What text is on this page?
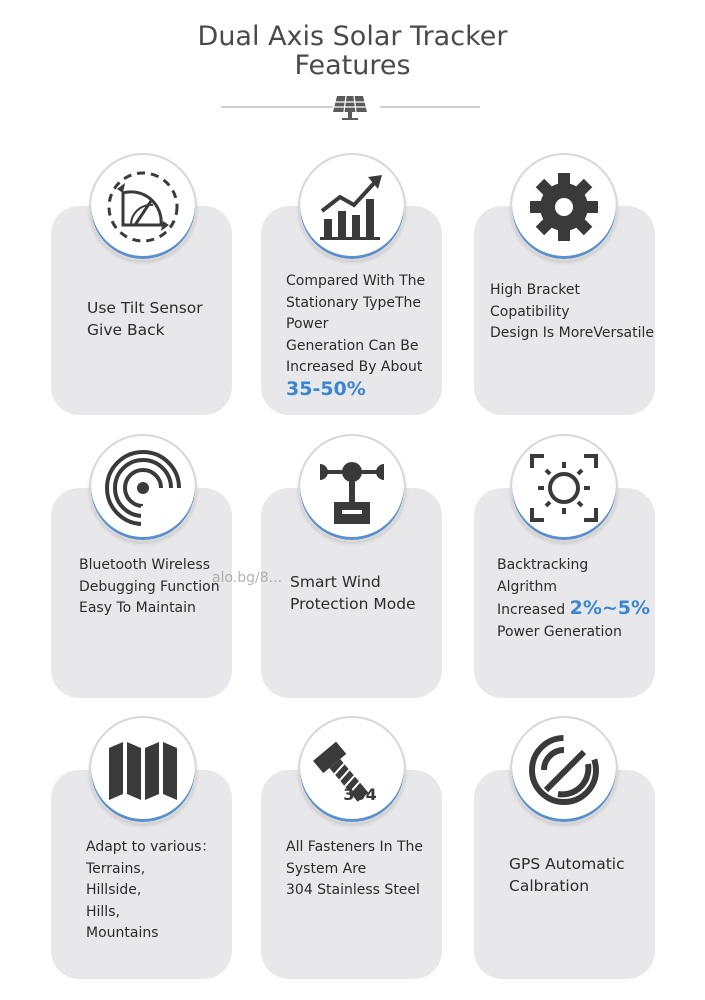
Dual Axis Solar Tracker
Features
Use Tilt Sensor
Give Back
Compared With The
Stationary TypeThe
Power
Generation Can Be
Increased By About
35-50%
High Bracket
Copatibility
Design Is MoreVersatile
Bluetooth Wireless
Debugging Function
Easy To Maintain
Smart Wind
Protection Mode
Backtracking
Algrithm
Increased 2%~5%
Power Generation
Adapt to various：
Terrains,
Hillside,
Hills,
Mountains
304
All Fasteners In The
System Are
304 Stainless Steel
GPS Automatic
Calbration
alo.bg/8...
